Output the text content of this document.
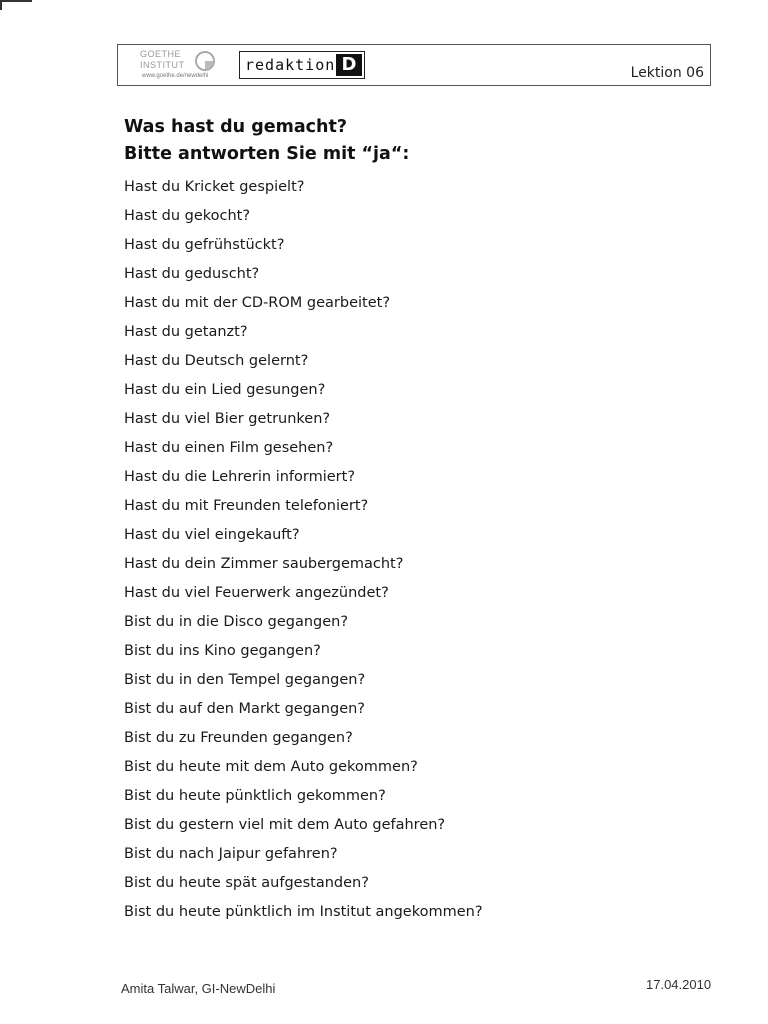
GOETHE
INSTITUT
www.goethe.de/newdelhi
redaktion D	Lektion 06
Was hast du gemacht?
Bitte antworten Sie mit “ja“:
Hast du Kricket gespielt?
Hast du gekocht?
Hast du gefrühstückt?
Hast du geduscht?
Hast du mit der CD-ROM gearbeitet?
Hast du getanzt?
Hast du Deutsch gelernt?
Hast du ein Lied gesungen?
Hast du viel Bier getrunken?
Hast du einen Film gesehen?
Hast du die Lehrerin informiert?
Hast du mit Freunden telefoniert?
Hast du viel eingekauft?
Hast du dein Zimmer saubergemacht?
Hast du viel Feuerwerk angezündet?
Bist du in die Disco gegangen?
Bist du ins Kino gegangen?
Bist du in den Tempel gegangen?
Bist du auf den Markt gegangen?
Bist du zu Freunden gegangen?
Bist du heute mit dem Auto gekommen?
Bist du heute pünktlich gekommen?
Bist du gestern viel mit dem Auto gefahren?
Bist du nach Jaipur gefahren?
Bist du heute spät aufgestanden?
Bist du heute pünktlich im Institut angekommen?
Amita Talwar, GI-NewDelhi	17.04.2010
